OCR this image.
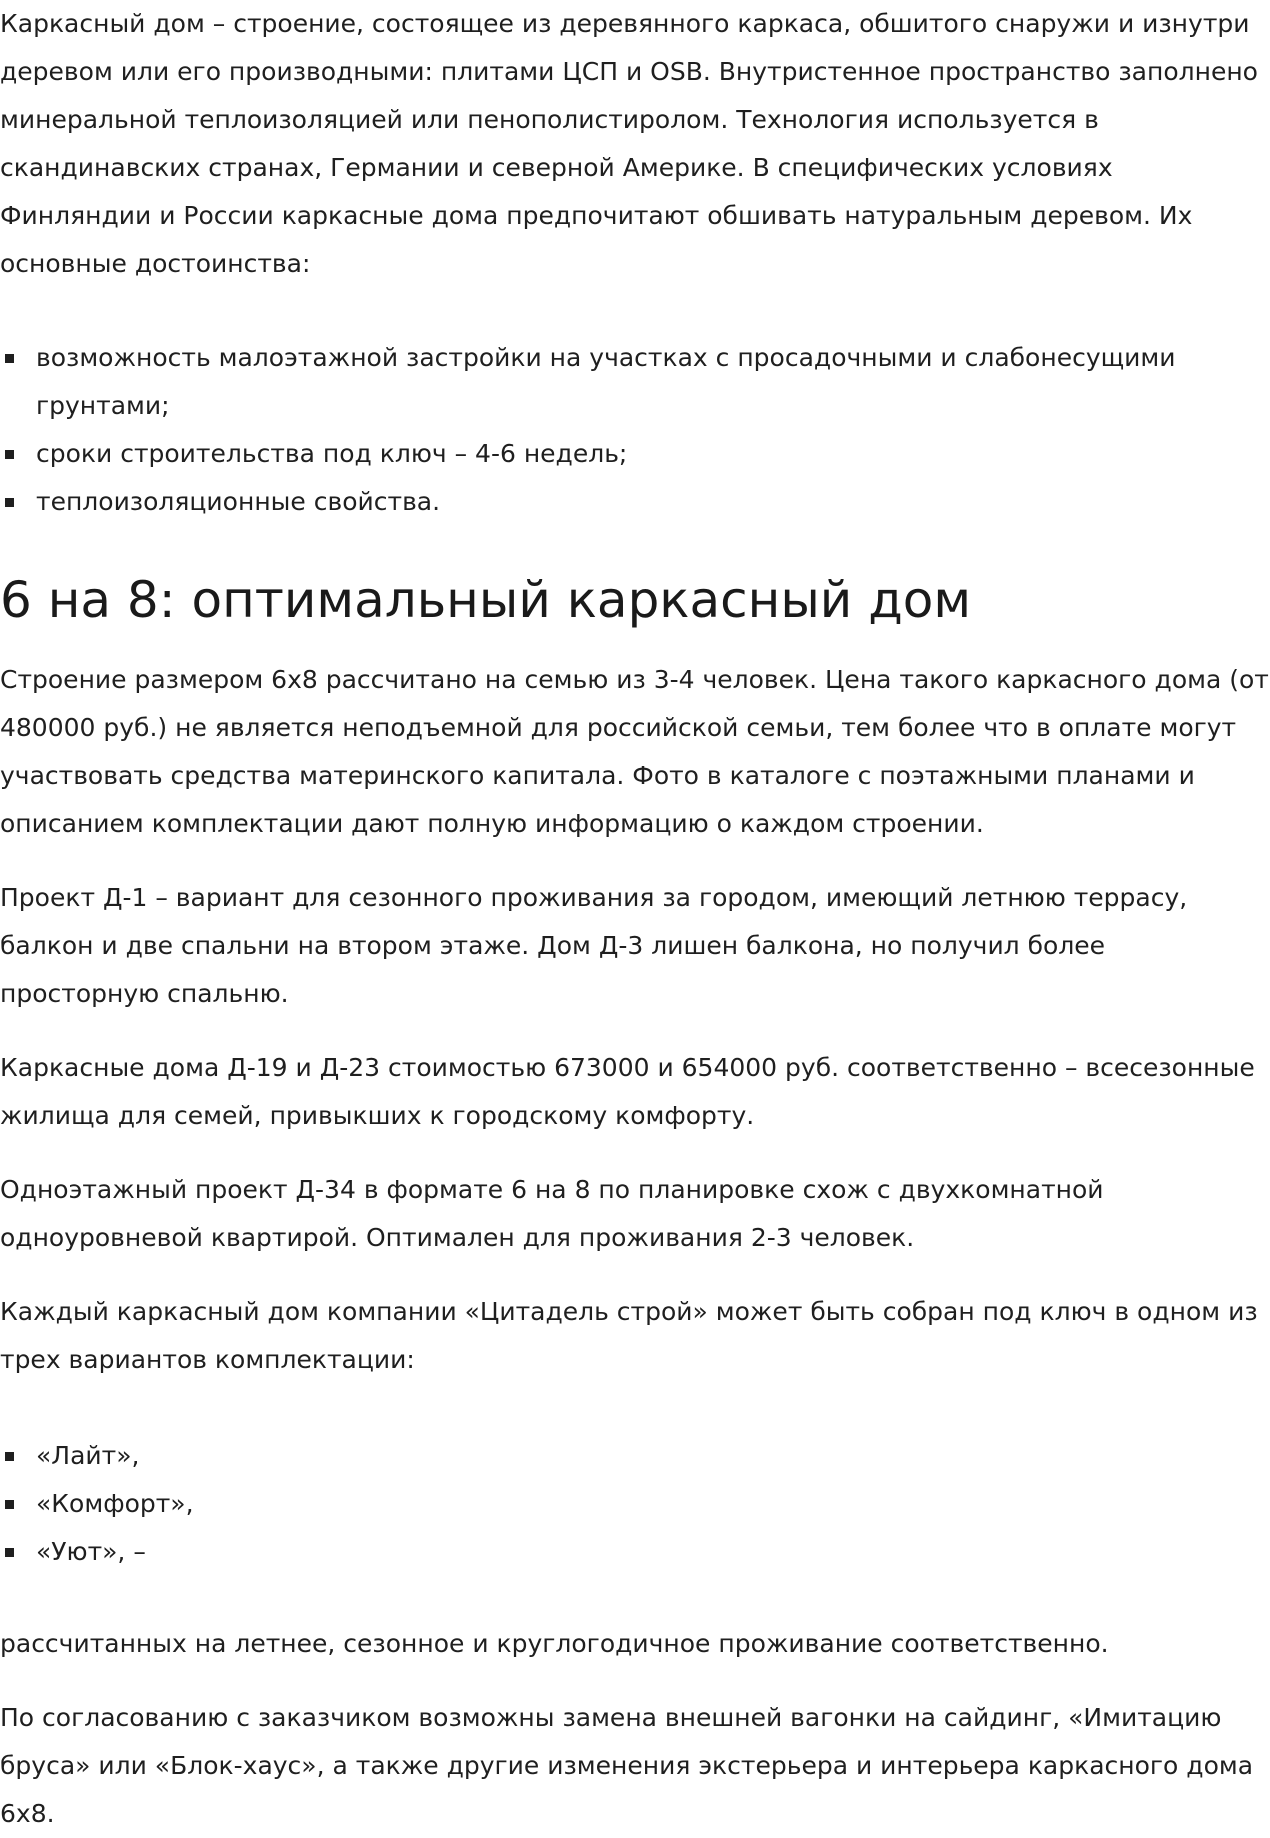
Каркасный дом – строение, состоящее из деревянного каркаса, обшитого снаружи и изнутри деревом или его производными: плитами ЦСП и OSB. Внутристенное пространство заполнено минеральной теплоизоляцией или пенополистиролом. Технология используется в скандинавских странах, Германии и северной Америке. В специфических условиях Финляндии и России каркасные дома предпочитают обшивать натуральным деревом. Их основные достоинства:

возможность малоэтажной застройки на участках с просадочными и слабонесущими грунтами;
сроки строительства под ключ – 4-6 недель;
теплоизоляционные свойства.
6 на 8: оптимальный каркасный дом

Строение размером 6х8 рассчитано на семью из 3-4 человек. Цена такого каркасного дома (от 480000 руб.) не является неподъемной для российской семьи, тем более что в оплате могут участвовать средства материнского капитала. Фото в каталоге с поэтажными планами и описанием комплектации дают полную информацию о каждом строении.

Проект Д-1 – вариант для сезонного проживания за городом, имеющий летнюю террасу, балкон и две спальни на втором этаже. Дом Д-3 лишен балкона, но получил более просторную спальню.

Каркасные дома Д-19 и Д-23 стоимостью 673000 и 654000 руб. соответственно – всесезонные жилища для семей, привыкших к городскому комфорту.

Одноэтажный проект Д-34 в формате 6 на 8 по планировке схож с двухкомнатной одноуровневой квартирой. Оптимален для проживания 2-3 человек.

Каждый каркасный дом компании «Цитадель строй» может быть собран под ключ в одном из трех вариантов комплектации:

«Лайт»,
«Комфорт»,
«Уют», –

рассчитанных на летнее, сезонное и круглогодичное проживание соответственно.

По согласованию с заказчиком возможны замена внешней вагонки на сайдинг, «Имитацию бруса» или «Блок-хаус», а также другие изменения экстерьера и интерьера каркасного дома 6х8.
